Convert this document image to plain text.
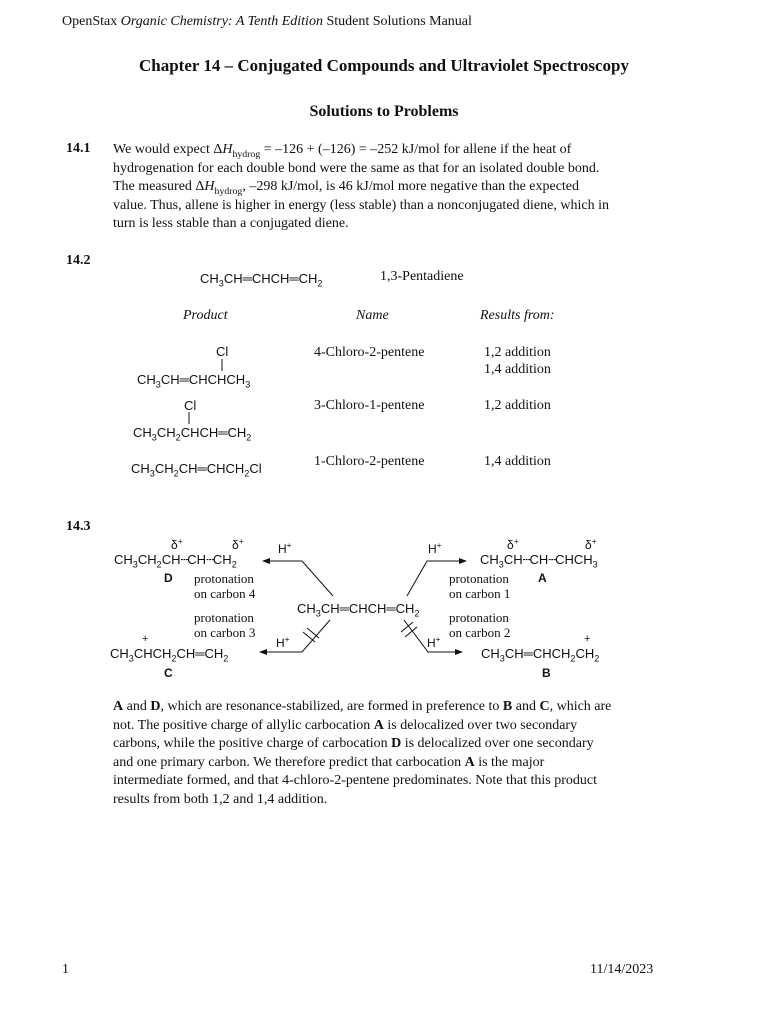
OpenStax Organic Chemistry: A Tenth Edition Student Solutions Manual
Chapter 14 – Conjugated Compounds and Ultraviolet Spectroscopy
Solutions to Problems
14.1 We would expect $\Delta H_{hydrog} = -126 + (-126) = -252$ kJ/mol for allene if the heat of
hydrogenation for each double bond were the same as that for an isolated double bond.
The measured $\Delta H_{hydrog}$, –298 kJ/mol, is 46 kJ/mol more negative than the expected
value. Thus, allene is higher in energy (less stable) than a nonconjugated diene, which in
turn is less stable than a conjugated diene.
14.2
$CH_3CH═CHCH═CH_2$	1,3-Pentadiene
Product	Name	Results from:
Cl
$CH_3CH═CHCHCH_3$
4-Chloro-2-pentene	1,2 addition
1,4 addition
Cl
$CH_3CH_2CHCH═CH_2$
3-Chloro-1-pentene	1,2 addition
$CH_3CH_2CH═CHCH_2Cl$	1-Chloro-2-pentene	1,4 addition
14.3
δ+	δ+
$CH_3CH_2CH┄CH┄CH_2$
D
H+
protonation
on carbon 4
protonation
on carbon 3
+
$CH_3CHCH_2CH═CH_2$
C
H+
$CH_3CH═CHCH═CH_2$
δ+	δ+
H+
$CH_3CH┄CH┄CHCH_3$
protonation
on carbon 1
A
protonation
on carbon 2
H+	+
$CH_3CH═CHCH_2CH_2$
B
A and D, which are resonance-stabilized, are formed in preference to B and C, which are
not. The positive charge of allylic carbocation A is delocalized over two secondary
carbons, while the positive charge of carbocation D is delocalized over one secondary
and one primary carbon. We therefore predict that carbocation A is the major
intermediate formed, and that 4-chloro-2-pentene predominates. Note that this product
results from both 1,2 and 1,4 addition.
1	11/14/2023
